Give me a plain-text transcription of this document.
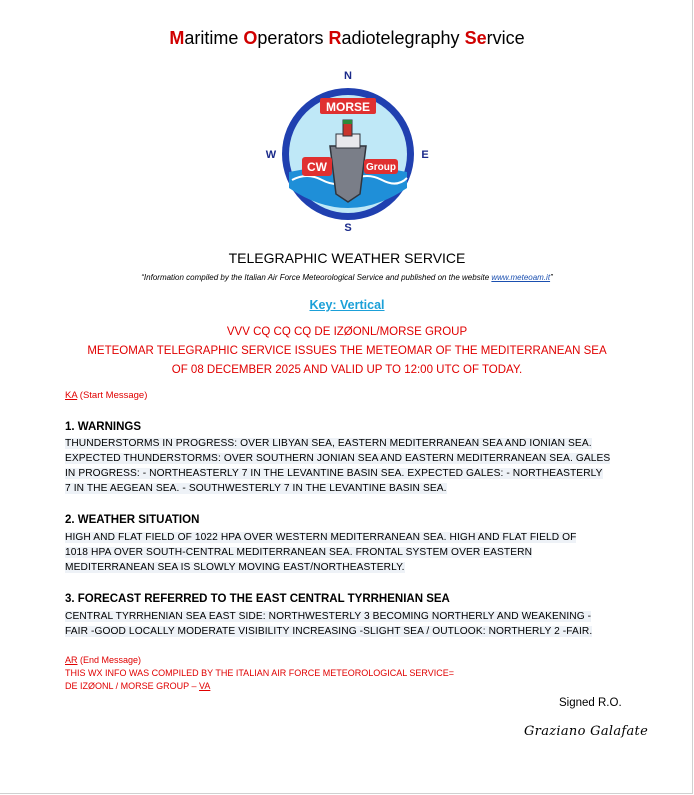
Maritime Operators Radiotelegraphy Service
N
S
W	E
MORSE
CW	Group
TELEGRAPHIC WEATHER SERVICE
“Information compiled by the Italian Air Force Meteorological Service and published on the website www.meteoam.it”
Key: Vertical
VVV CQ CQ CQ DE IZØONL/MORSE GROUP
METEOMAR TELEGRAPHIC SERVICE ISSUES THE METEOMAR OF THE MEDITERRANEAN SEA
OF 08 DECEMBER 2025 AND VALID UP TO 12:00 UTC OF TODAY.
KA (Start Message)
1. WARNINGS
THUNDERSTORMS IN PROGRESS: OVER LIBYAN SEA, EASTERN MEDITERRANEAN SEA AND IONIAN SEA.
EXPECTED THUNDERSTORMS: OVER SOUTHERN JONIAN SEA AND EASTERN MEDITERRANEAN SEA. GALES
IN PROGRESS: - NORTHEASTERLY 7 IN THE LEVANTINE BASIN SEA. EXPECTED GALES: - NORTHEASTERLY
7 IN THE AEGEAN SEA. - SOUTHWESTERLY 7 IN THE LEVANTINE BASIN SEA.
2. WEATHER SITUATION
HIGH AND FLAT FIELD OF 1022 HPA OVER WESTERN MEDITERRANEAN SEA. HIGH AND FLAT FIELD OF
1018 HPA OVER SOUTH-CENTRAL MEDITERRANEAN SEA. FRONTAL SYSTEM OVER EASTERN
MEDITERRANEAN SEA IS SLOWLY MOVING EAST/NORTHEASTERLY.
3. FORECAST REFERRED TO THE EAST CENTRAL TYRRHENIAN SEA
CENTRAL TYRRHENIAN SEA EAST SIDE: NORTHWESTERLY 3 BECOMING NORTHERLY AND WEAKENING -
FAIR -GOOD LOCALLY MODERATE VISIBILITY INCREASING -SLIGHT SEA / OUTLOOK: NORTHERLY 2 -FAIR.
AR (End Message)
THIS WX INFO WAS COMPILED BY THE ITALIAN AIR FORCE METEOROLOGICAL SERVICE=
DE IZØONL / MORSE GROUP – VA
Signed R.O.
Graziano Galafate
